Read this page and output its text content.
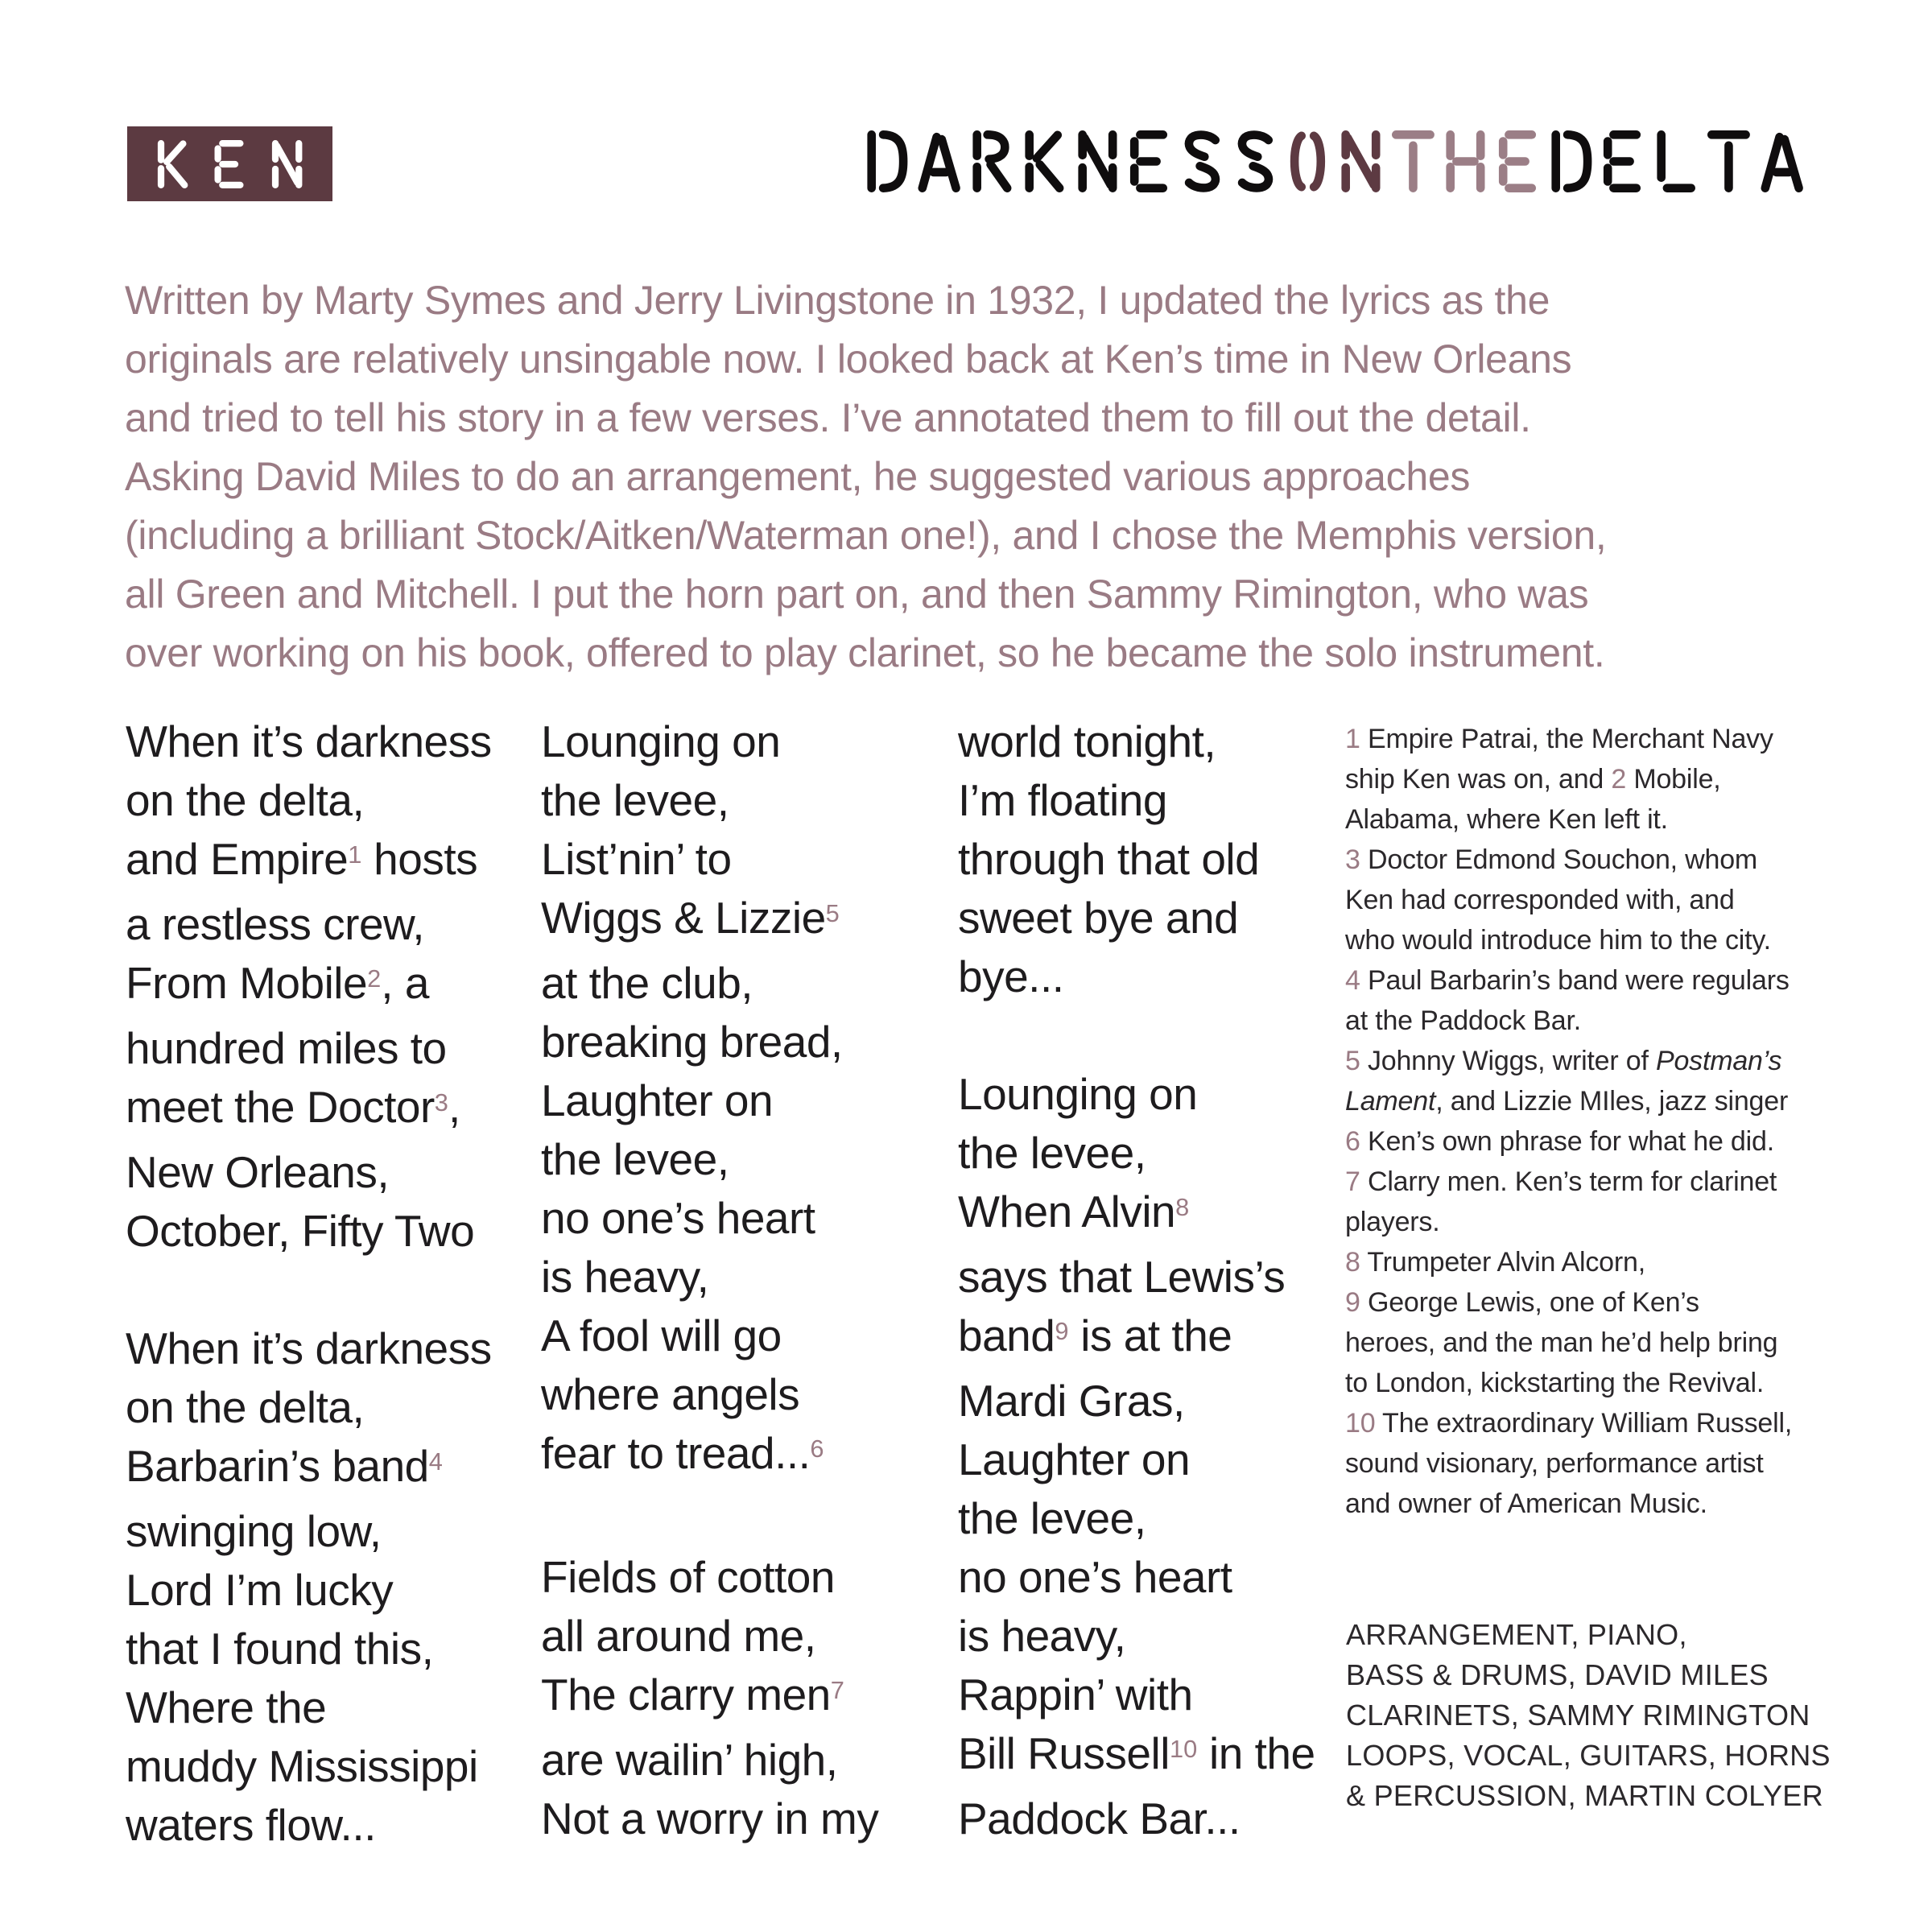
Written by Marty Symes and Jerry Livingstone in 1932, I updated the lyrics as the
originals are relatively unsingable now. I looked back at Ken’s time in New Orleans
and tried to tell his story in a few verses. I’ve annotated them to fill out the detail.
Asking David Miles to do an arrangement, he suggested various approaches
(including a brilliant Stock/Aitken/Waterman one!), and I chose the Memphis version,
all Green and Mitchell. I put the horn part on, and then Sammy Rimington, who was
over working on his book, offered to play clarinet, so he became the solo instrument.
When it’s darkness
on the delta,
and Empire$^1$ hosts
a restless crew,
From Mobile$^2$, a
hundred miles to
meet the Doctor$^3$,
New Orleans,
October, Fifty Two

When it’s darkness
on the delta,
Barbarin’s band$^4$
swinging low,
Lord I’m lucky
that I found this,
Where the
muddy Mississippi
waters flow...
Lounging on
the levee,
List’nin’ to
Wiggs & Lizzie$^5$
at the club,
breaking bread,
Laughter on
the levee,
no one’s heart
is heavy,
A fool will go
where angels
fear to tread...$^6$

Fields of cotton
all around me,
The clarry men$^7$
are wailin’ high,
Not a worry in my
world tonight,
I’m floating
through that old
sweet bye and
bye...

Lounging on
the levee,
When Alvin$^8$
says that Lewis’s
band$^9$ is at the
Mardi Gras,
Laughter on
the levee,
no one’s heart
is heavy,
Rappin’ with
Bill Russell$^{10}$ in the
Paddock Bar...
1 Empire Patrai, the Merchant Navy
ship Ken was on, and 2 Mobile,
Alabama, where Ken left it.
3 Doctor Edmond Souchon, whom
Ken had corresponded with, and
who would introduce him to the city.
4 Paul Barbarin’s band were regulars
at the Paddock Bar.
5 Johnny Wiggs, writer of Postman’s
Lament, and Lizzie MIles, jazz singer
6 Ken’s own phrase for what he did.
7 Clarry men. Ken’s term for clarinet
players.
8 Trumpeter Alvin Alcorn,
9 George Lewis, one of Ken’s
heroes, and the man he’d help bring
to London, kickstarting the Revival.
10 The extraordinary William Russell,
sound visionary, performance artist
and owner of American Music.
ARRANGEMENT, PIANO,
BASS & DRUMS, DAVID MILES
CLARINETS, SAMMY RIMINGTON
LOOPS, VOCAL, GUITARS, HORNS
& PERCUSSION, MARTIN COLYER
